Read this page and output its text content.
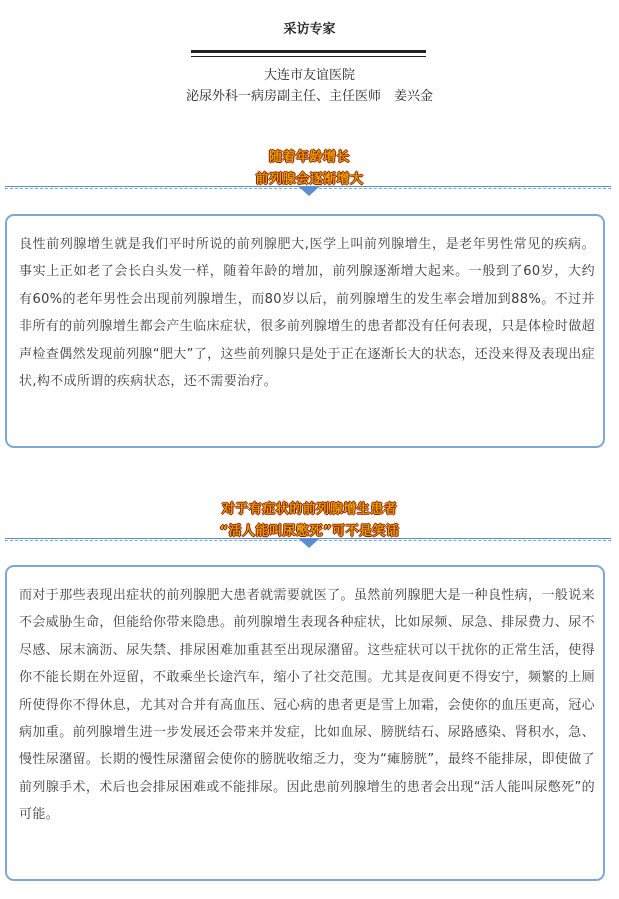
采访专家
大连市友谊医院
泌尿外科一病房副主任、主任医师　姜兴金
随着年龄增长
前列腺会逐渐增大
良性前列腺增生就是我们平时所说的前列腺肥大,医学上叫前列腺增生，是老年男性常见的疾病。事实上正如老了会长白头发一样，随着年龄的增加，前列腺逐渐增大起来。一般到了60岁，大约有60%的老年男性会出现前列腺增生，而80岁以后，前列腺增生的发生率会增加到88%。不过并非所有的前列腺增生都会产生临床症状，很多前列腺增生的患者都没有任何表现，只是体检时做超声检查偶然发现前列腺“肥大”了，这些前列腺只是处于正在逐渐长大的状态，还没来得及表现出症状,构不成所谓的疾病状态，还不需要治疗。
对于有症状的前列腺增生患者
“活人能叫尿憋死”可不是笑话
而对于那些表现出症状的前列腺肥大患者就需要就医了。虽然前列腺肥大是一种良性病，一般说来不会威胁生命，但能给你带来隐患。前列腺增生表现各种症状，比如尿频、尿急、排尿费力、尿不尽感、尿末滴沥、尿失禁、排尿困难加重甚至出现尿潴留。这些症状可以干扰你的正常生活，使得你不能长期在外逗留，不敢乘坐长途汽车，缩小了社交范围。尤其是夜间更不得安宁，频繁的上厕所使得你不得休息，尤其对合并有高血压、冠心病的患者更是雪上加霜，会使你的血压更高，冠心病加重。前列腺增生进一步发展还会带来并发症，比如血尿、膀胱结石、尿路感染、肾积水，急、慢性尿潴留。长期的慢性尿潴留会使你的膀胱收缩乏力，变为“瘫膀胱”，最终不能排尿，即使做了前列腺手术，术后也会排尿困难或不能排尿。因此患前列腺增生的患者会出现“活人能叫尿憋死”的可能。
